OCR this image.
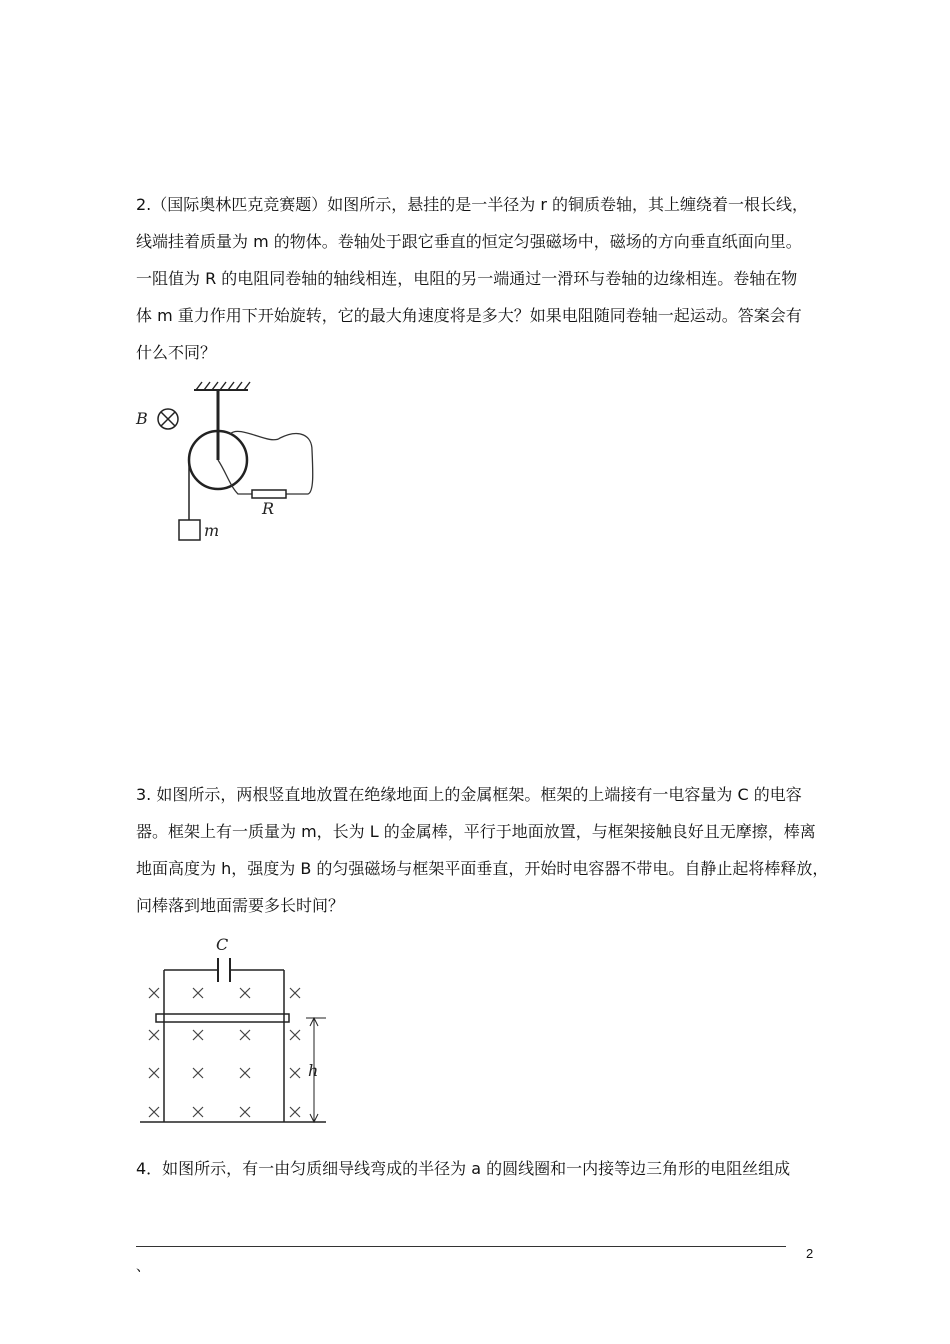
2.（国际奥林匹克竞赛题）如图所示，悬挂的是一半径为 r 的铜质卷轴，其上缠绕着一根长线，
线端挂着质量为 m 的物体。卷轴处于跟它垂直的恒定匀强磁场中，磁场的方向垂直纸面向里。
一阻值为 R 的电阻同卷轴的轴线相连，电阻的另一端通过一滑环与卷轴的边缘相连。卷轴在物
体 m 重力作用下开始旋转，它的最大角速度将是多大？如果电阻随同卷轴一起运动。答案会有
什么不同？
m
B
R
3. 如图所示，两根竖直地放置在绝缘地面上的金属框架。框架的上端接有一电容量为 C 的电容
器。框架上有一质量为 m，长为 L 的金属棒，平行于地面放置，与框架接触良好且无摩擦，棒离
地面高度为 h，强度为 B 的匀强磁场与框架平面垂直，开始时电容器不带电。自静止起将棒释放，
问棒落到地面需要多长时间？
C
h
4．如图所示，有一由匀质细导线弯成的半径为 a 的圆线圈和一内接等边三角形的电阻丝组成
2
、
